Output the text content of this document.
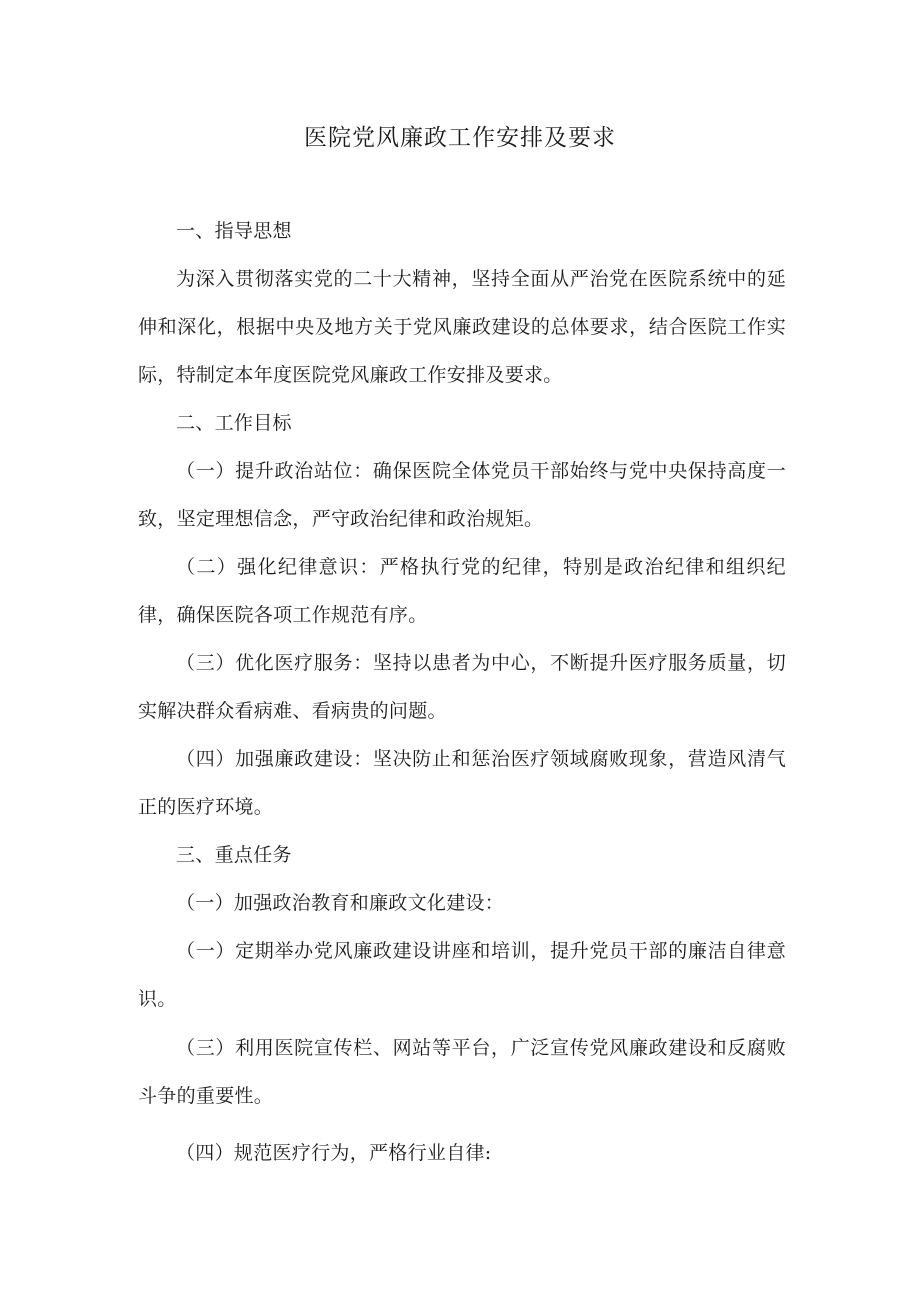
医院党风廉政工作安排及要求

一、指导思想

为深入贯彻落实党的二十大精神，坚持全面从严治党在医院系统中的延伸和深化，根据中央及地方关于党风廉政建设的总体要求，结合医院工作实际，特制定本年度医院党风廉政工作安排及要求。

二、工作目标

（一）提升政治站位：确保医院全体党员干部始终与党中央保持高度一致，坚定理想信念，严守政治纪律和政治规矩。

（二）强化纪律意识：严格执行党的纪律，特别是政治纪律和组织纪律，确保医院各项工作规范有序。

（三）优化医疗服务：坚持以患者为中心，不断提升医疗服务质量，切实解决群众看病难、看病贵的问题。

（四）加强廉政建设：坚决防止和惩治医疗领域腐败现象，营造风清气正的医疗环境。

三、重点任务

（一）加强政治教育和廉政文化建设：

（一）定期举办党风廉政建设讲座和培训，提升党员干部的廉洁自律意识。

（三）利用医院宣传栏、网站等平台，广泛宣传党风廉政建设和反腐败斗争的重要性。

（四）规范医疗行为，严格行业自律:
